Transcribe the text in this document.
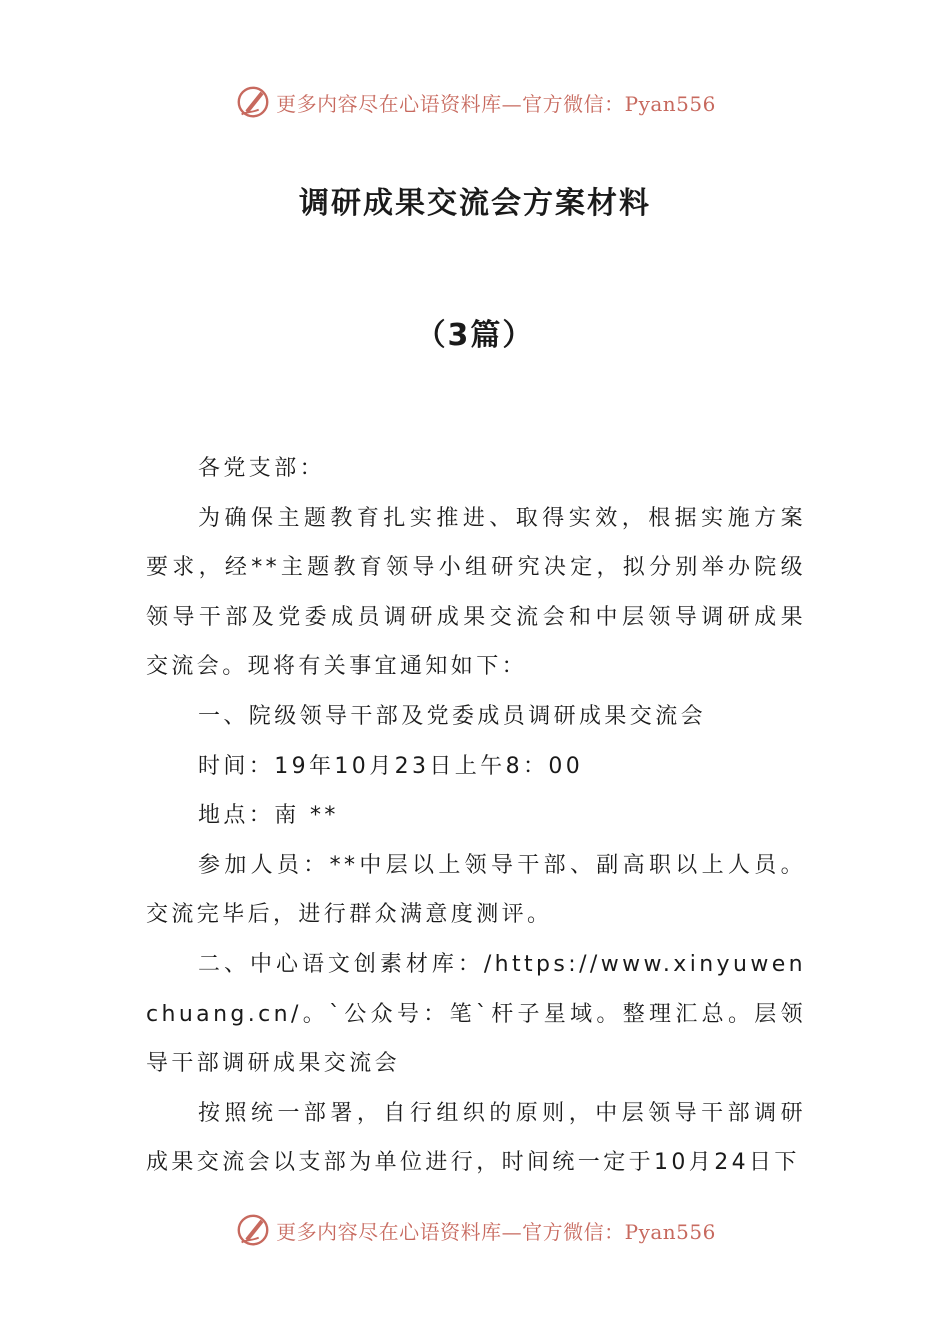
更多内容尽在心语资料库—官方微信：Pyan556
调研成果交流会方案材料
（3篇）

各党支部：

为确保主题教育扎实推进、取得实效，根据实施方案要求，经**主题教育领导小组研究决定，拟分别举办院级领导干部及党委成员调研成果交流会和中层领导调研成果交流会。现将有关事宜通知如下：

一、院级领导干部及党委成员调研成果交流会

时间：19年10月23日上午8：00

地点：南 **

参加人员：**中层以上领导干部、副高职以上人员。交流完毕后，进行群众满意度测评。

二、中心语文创素材库：/https://www.xinyuwenchuang.cn/。`公众号：笔`杆子星域。整理汇总。层领导干部调研成果交流会

按照统一部署，自行组织的原则，中层领导干部调研成果交流会以支部为单位进行，时间统一定于10月24日下

更多内容尽在心语资料库—官方微信：Pyan556
